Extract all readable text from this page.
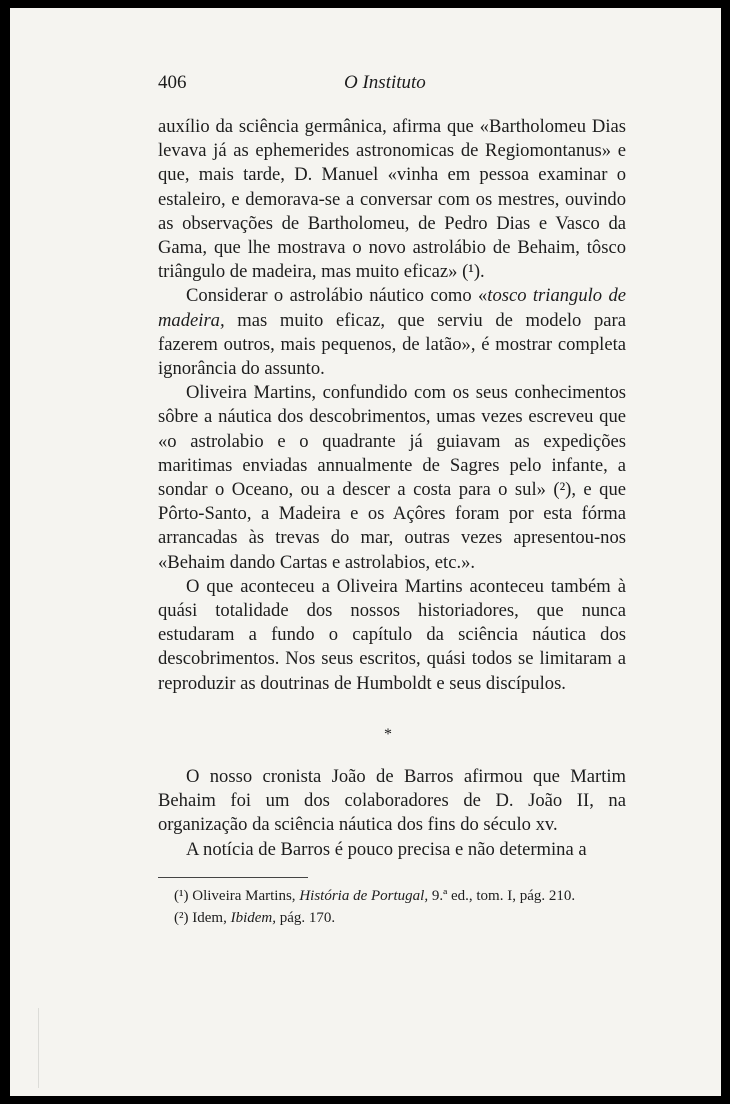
406	O Instituto

auxílio da sciência germânica, afirma que «Bartholomeu Dias levava já as ephemerides astronomicas de Regiomontanus» e que, mais tarde, D. Manuel «vinha em pessoa examinar o estaleiro, e demorava-se a conversar com os mestres, ouvindo as observações de Bartholomeu, de Pedro Dias e Vasco da Gama, que lhe mostrava o novo astrolábio de Behaim, tôsco triângulo de madeira, mas muito eficaz» (¹).

Considerar o astrolábio náutico como «tosco triangulo de madeira, mas muito eficaz, que serviu de modelo para fazerem outros, mais pequenos, de latão», é mostrar completa ignorância do assunto.

Oliveira Martins, confundido com os seus conhecimentos sôbre a náutica dos descobrimentos, umas vezes escreveu que «o astrolabio e o quadrante já guiavam as expedições maritimas enviadas annualmente de Sagres pelo infante, a sondar o Oceano, ou a descer a costa para o sul» (²), e que Pôrto-Santo, a Madeira e os Açôres foram por esta fórma arrancadas às trevas do mar, outras vezes apresentou-nos «Behaim dando Cartas e astrolabios, etc.».

O que aconteceu a Oliveira Martins aconteceu também à quási totalidade dos nossos historiadores, que nunca estudaram a fundo o capítulo da sciência náutica dos descobrimentos. Nos seus escritos, quási todos se limitaram a reproduzir as doutrinas de Humboldt e seus discípulos.

*

O nosso cronista João de Barros afirmou que Martim Behaim foi um dos colaboradores de D. João II, na organização da sciência náutica dos fins do século xv.

A notícia de Barros é pouco precisa e não determina a

(¹) Oliveira Martins, História de Portugal, 9.ª ed., tom. I, pág. 210.
(²) Idem, Ibidem, pág. 170.
